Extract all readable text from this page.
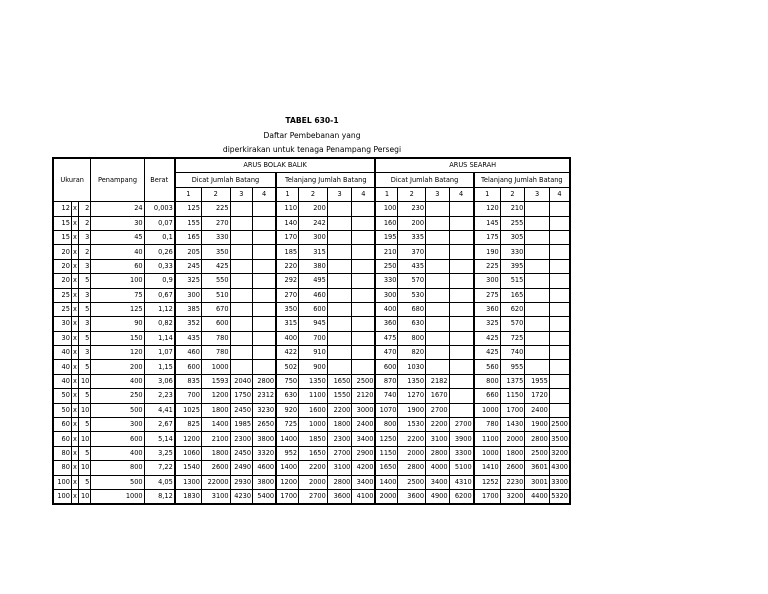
TABEL 630-1
Daftar Pembebanan yang
diperkirakan untuk tenaga Penampang Persegi
Ukuran			Penampang	Berat	ARUS BOLAK BALIK								ARUS SEARAH							
					Dicat Jumlah Batang				Telanjang Jumlah Batang				Dicat Jumlah Batang				Telanjang Jumlah Batang			
					1	2	3	4	1	2	3	4	1	2	3	4	1	2	3	4
12	x	2	24	0,003	125	225			110	200			100	230			120	210		
15	x	2	30	0,07	155	270			140	242			160	200			145	255		
15	x	3	45	0,1	165	330			170	300			195	335			175	305		
20	x	2	40	0,26	205	350			185	315			210	370			190	330		
20	x	3	60	0,33	245	425			220	380			250	435			225	395		
20	x	5	100	0,9	325	550			292	495			330	570			300	515		
25	x	3	75	0,67	300	510			270	460			300	530			275	165		
25	x	5	125	1,12	385	670			350	600			400	680			360	620		
30	x	3	90	0,82	352	600			315	945			360	630			325	570		
30	x	5	150	1,14	435	780			400	700			475	800			425	725		
40	x	3	120	1,07	460	780			422	910			470	820			425	740		
40	x	5	200	1,15	600	1000			502	900			600	1030			560	955		
40	x	10	400	3,06	835	1593	2040	2800	750	1350	1650	2500	870	1350	2182		800	1375	1955	
50	x	5	250	2,23	700	1200	1750	2312	630	1100	1550	2120	740	1270	1670		660	1150	1720	
50	x	10	500	4,41	1025	1800	2450	3230	920	1600	2200	3000	1070	1900	2700		1000	1700	2400	
60	x	5	300	2,67	825	1400	1985	2650	725	1000	1800	2400	800	1530	2200	2700	780	1430	1900	2500
60	x	10	600	5,14	1200	2100	2300	3800	1400	1850	2300	3400	1250	2200	3100	3900	1100	2000	2800	3500
80	x	5	400	3,25	1060	1800	2450	3320	952	1650	2700	2900	1150	2000	2800	3300	1000	1800	2500	3200
80	x	10	800	7,22	1540	2600	2490	4600	1400	2200	3100	4200	1650	2800	4000	5100	1410	2600	3601	4300
100	x	5	500	4,05	1300	22000	2930	3800	1200	2000	2800	3400	1400	2500	3400	4310	1252	2230	3001	3300
100	x	10	1000	8,12	1830	3100	4230	5400	1700	2700	3600	4100	2000	3600	4900	6200	1700	3200	4400	5320
